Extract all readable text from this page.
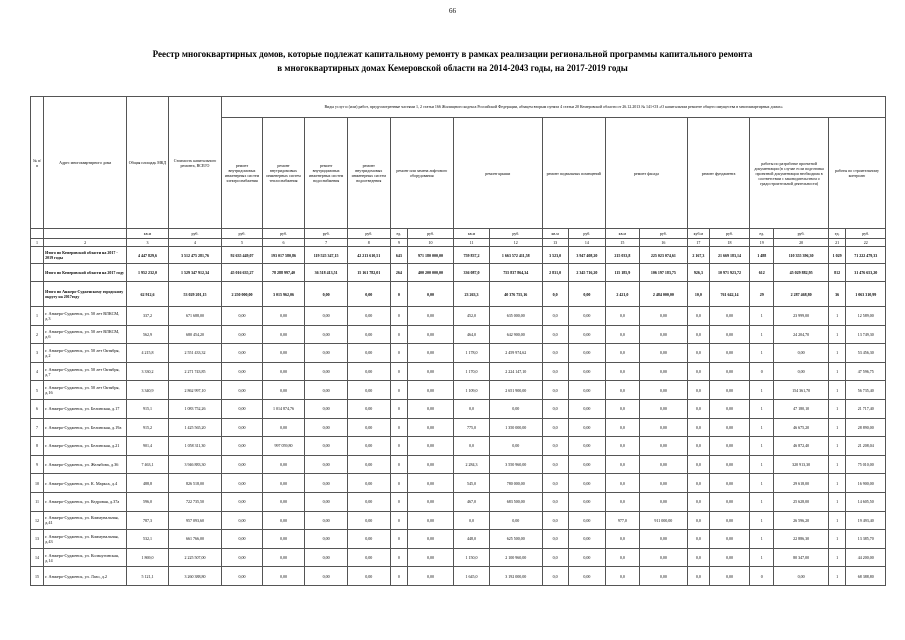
66
Реестр многоквартирных домов, которые подлежат капитальному ремонту в рамках реализации региональной программы капитального ремонта
в многоквартирных домах Кемеровской области на 2014-2043 годы, на 2017-2019 годы
№ п/п	Адрес многоквартирного дома	Общая площадь МКД	Стоимость капитального ремонта, ВСЕГО	Виды услуг и (или) работ, предусмотренные частями 1, 2 статьи 166 Жилищного кодекса Российской Федерации, абзацем вторым пункта 4 статьи 20 Кемеровской области от 26.12.2013 № 141-ОЗ «О капитальном ремонте общего имущества в многоквартирных домах»																	
				ремонт внутридомовых инженерных систем электроснабжения	ремонт внутридомовых инженерных систем теплоснабжения	ремонт внутридомовых инженерных систем водоснабжения	ремонт внутридомовых инженерных систем водоотведения	ремонт или замена лифтового оборудования		ремонт крыши		ремонт подвальных помещений		ремонт фасада		ремонт фундамента		работы по разработке проектной документации (в случае если подготовка проектной документации необходима в соответствии с законодательством о градостроительной деятельности)		работы по строительному контролю	
		кв.м	руб.	руб.	руб.	руб.	руб.	ед.	руб.	кв.м	руб.	кв.м	руб.	кв.м	руб.	куб.м	руб.	ед.	руб.	ед.	руб.
1	2	3	4	5	6	7	8	9	10	11	12	13	14	15	16	17	18	19	20	21	22
	Итого по Кемеровской области на 2017 - 2019 годы	4 447 829,6	3 512 475 281,76	92 635 449,07	193 017 580,86	119 525 347,15	42 213 610,51	643	971 180 000,00	759 837,2	1 663 572 411,58	3 523,0	3 947 408,20	215 033,8	225 023 074,61	2 167,3	21 669 183,14	1 488	110 355 396,30	1 029	71 222 479,33
	Итого по Кемеровской области на 2017 году	1 952 232,0	1 529 347 912,34	45 016 635,27	78 288 997,40	36 518 413,51	15 161 782,01	264	400 200 000,00	336 087,0	755 837 864,34	2 831,0	2 345 716,20	115 185,9	106 197 183,75	926,3	10 971 923,72	612	45 029 882,95	812	31 476 653,20
	Итого по Анжеро-Судженскому городскому округу на 2017году	62 912,6	53 029 201,15	2 250 000,00	3 015 962,06	0,00	0,00	0	0,00	23 263,3	40 376 755,16	0,0	0,00	2 421,0	2 484 000,00	10,0	761 642,14	29	2 287 468,80	36	1 063 310,99
1	г. Анжеро-Судженск, ул. 50 лет ВЛКСМ, д.3	337,2	671 688,00	0,00	0,00	0,00	0,00	0	0,00	452,0	635 000,00	0,0	0,00	0,0	0,00	0,0	0,00	1	23 999,00	1	12 589,00
2	г. Анжеро-Судженск, ул. 50 лет ВЛКСМ, д.6	562,9	680 454,20	0,00	0,00	0,00	0,00	0	0,00	464,0	642 900,00	0,0	0,00	0,0	0,00	0,0	0,00	1	24 204,70	1	13 749,30
3	г. Анжеро-Судженск, ул. 50 лет Октября, д.2	4 215,8	2 551 433,32	0,00	0,00	0,00	0,00	0	0,00	1 178,0	2 459 974,62	0,0	0,00	0,0	0,00	0,0	0,00	1	0,00	1	53 456,30
4	г. Анжеро-Судженск, ул. 50 лет Октября, д.7	3 330,2	2 271 743,85	0,00	0,00	0,00	0,00	0	0,00	1 170,0	2 224 147,10	0,0	0,00	0,0	0,00	0,0	0,00	0	0,00	1	47 596,75
5	г. Анжеро-Судженск, ул. 50 лет Октября, д.16	3 340,9	2 862 997,10	0,00	0,00	0,00	0,00	0	0,00	1 109,0	2 651 900,00	0,0	0,00	0,0	0,00	0,0	0,00	1	154 361,70	1	56 735,40
6	г. Анжеро-Судженск, ул. Белинская, д.17	915,1	1 083 752,26	0,00	1 014 874,76	0,00	0,00	0	0,00	0,0	0,00	0,0	0,00	0,0	0,00	0,0	0,00	1	47 180,10	1	21 717,40
7	г. Анжеро-Судженск, ул. Белинская, д.19а	915,2	1 425 565,20	0,00	0,00	0,00	0,00	0	0,00	775,0	1 350 000,00	0,0	0,00	0,0	0,00	0,0	0,00	1	46 675,20	1	28 890,00
8	г. Анжеро-Судженск, ул. Белинская, д.21	901,4	1 058 311,30	0,00	997 059,80	0,00	0,00	0	0,00	0,0	0,00	0,0	0,00	0,0	0,00	0,0	0,00	1	46 872,40	1	21 208,04
9	г. Анжеро-Судженск, ул. Желябова, д.36	7 463,1	3 946 883,30	0,00	0,00	0,00	0,00	0	0,00	2 284,3	3 550 960,00	0,0	0,00	0,0	0,00	0,0	0,00	1	320 913,30	1	75 010,00
10	г. Анжеро-Судженск, ул. К. Маркса, д.4	488,8	826 518,00	0,00	0,00	0,00	0,00	0	0,00	545,0	780 000,00	0,0	0,00	0,0	0,00	0,0	0,00	1	29 618,00	1	16 900,00
11	г. Анжеро-Судженск, ул. Кедровая, д.37а	596,0	722 735,50	0,00	0,00	0,00	0,00	0	0,00	467,0	683 500,00	0,0	0,00	0,0	0,00	0,0	0,00	1	25 628,00	1	14 605,50
12	г. Анжеро-Судженск, ул. Коммунальная, д.41	787,3	957 093,60	0,00	0,00	0,00	0,00	0	0,00	0,0	0,00	0,0	0,00	977,0	911 000,00	0,0	0,00	1	26 596,20	1	19 493,40
13	г. Анжеро-Судженск, ул. Коммунальная, д.43	532,1	661 766,00	0,00	0,00	0,00	0,00	0	0,00	448,0	625 500,00	0,0	0,00	0,0	0,00	0,0	0,00	1	22 886,30	1	13 385,70
14	г. Анжеро-Судженск, ул. Кольчугинская, д.14	1 869,0	2 225 507,00	0,00	0,00	0,00	0,00	0	0,00	1 150,0	2 100 960,00	0,0	0,00	0,0	0,00	0,0	0,00	1	80 347,00	1	44 200,00
15	г. Анжеро-Судженск, ул. Лазо, д.2	5 121,1	3 260 388,80	0,00	0,00	0,00	0,00	0	0,00	1 645,0	3 192 000,00	0,0	0,00	0,0	0,00	0,0	0,00	0	0,00	1	68 388,80
